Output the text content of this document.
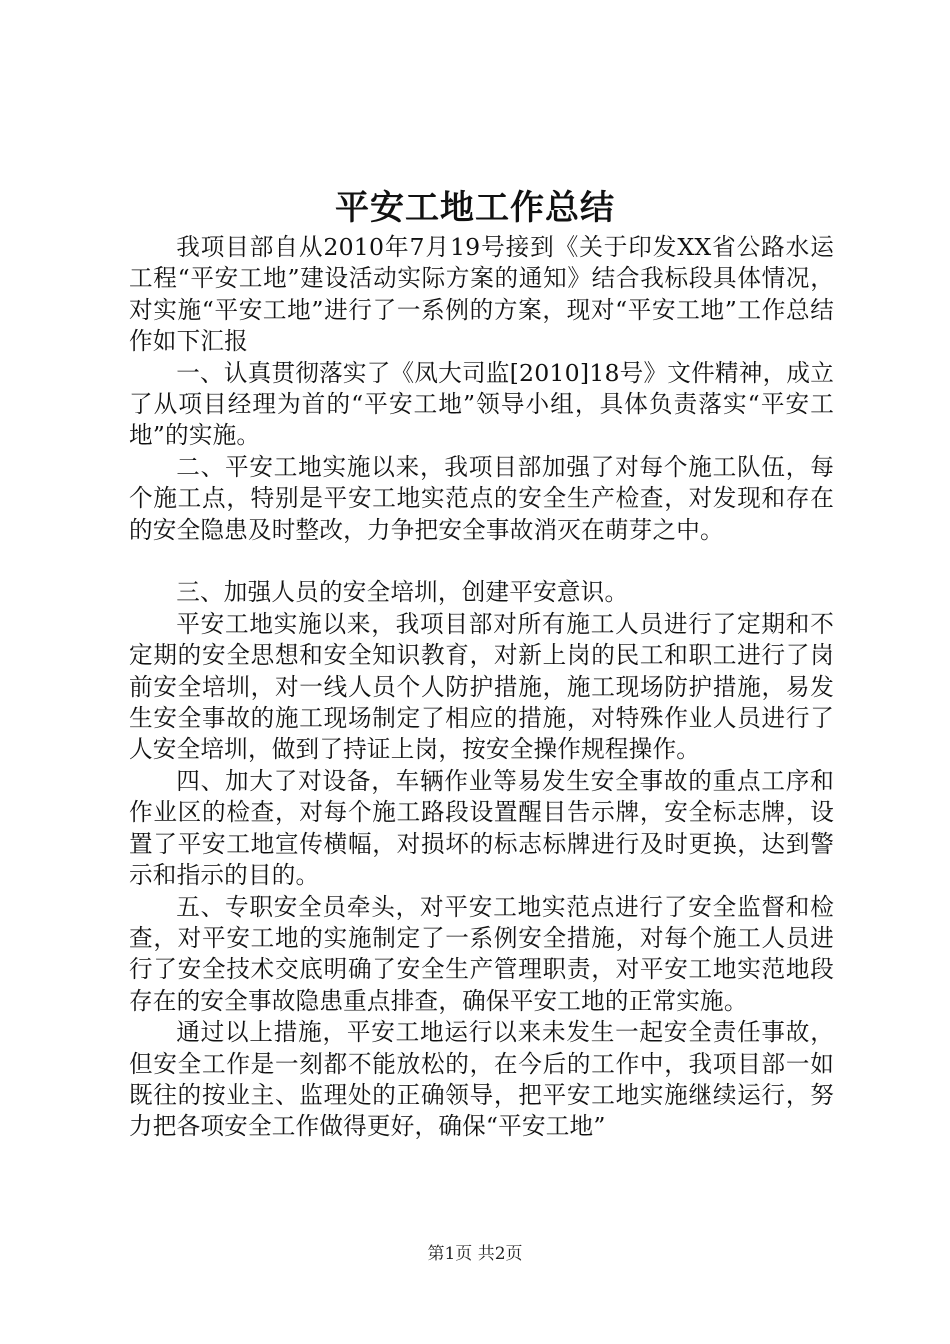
平安工地工作总结

我项目部自从2010年7月19号接到《关于印发XX省公路水运工程“平安工地”建设活动实际方案的通知》结合我标段具体情况，对实施“平安工地”进行了一系例的方案，现对“平安工地”工作总结作如下汇报

一、认真贯彻落实了《凤大司监[2010]18号》文件精神，成立了从项目经理为首的“平安工地”领导小组，具体负责落实“平安工地”的实施。

二、平安工地实施以来，我项目部加强了对每个施工队伍，每个施工点，特别是平安工地实范点的安全生产检查，对发现和存在的安全隐患及时整改，力争把安全事故消灭在萌芽之中。

三、加强人员的安全培圳，创建平安意识。

平安工地实施以来，我项目部对所有施工人员进行了定期和不定期的安全思想和安全知识教育，对新上岗的民工和职工进行了岗前安全培圳，对一线人员个人防护措施，施工现场防护措施，易发生安全事故的施工现场制定了相应的措施，对特殊作业人员进行了人安全培圳，做到了持证上岗，按安全操作规程操作。

四、加大了对设备，车辆作业等易发生安全事故的重点工序和作业区的检查，对每个施工路段设置醒目告示牌，安全标志牌，设置了平安工地宣传横幅，对损坏的标志标牌进行及时更换，达到警示和指示的目的。

五、专职安全员牵头，对平安工地实范点进行了安全监督和检查，对平安工地的实施制定了一系例安全措施，对每个施工人员进行了安全技术交底明确了安全生产管理职责，对平安工地实范地段存在的安全事故隐患重点排查，确保平安工地的正常实施。

通过以上措施，平安工地运行以来未发生一起安全责任事故，但安全工作是一刻都不能放松的，在今后的工作中，我项目部一如既往的按业主、监理处的正确领导，把平安工地实施继续运行，努力把各项安全工作做得更好，确保“平安工地”

第1页 共2页
